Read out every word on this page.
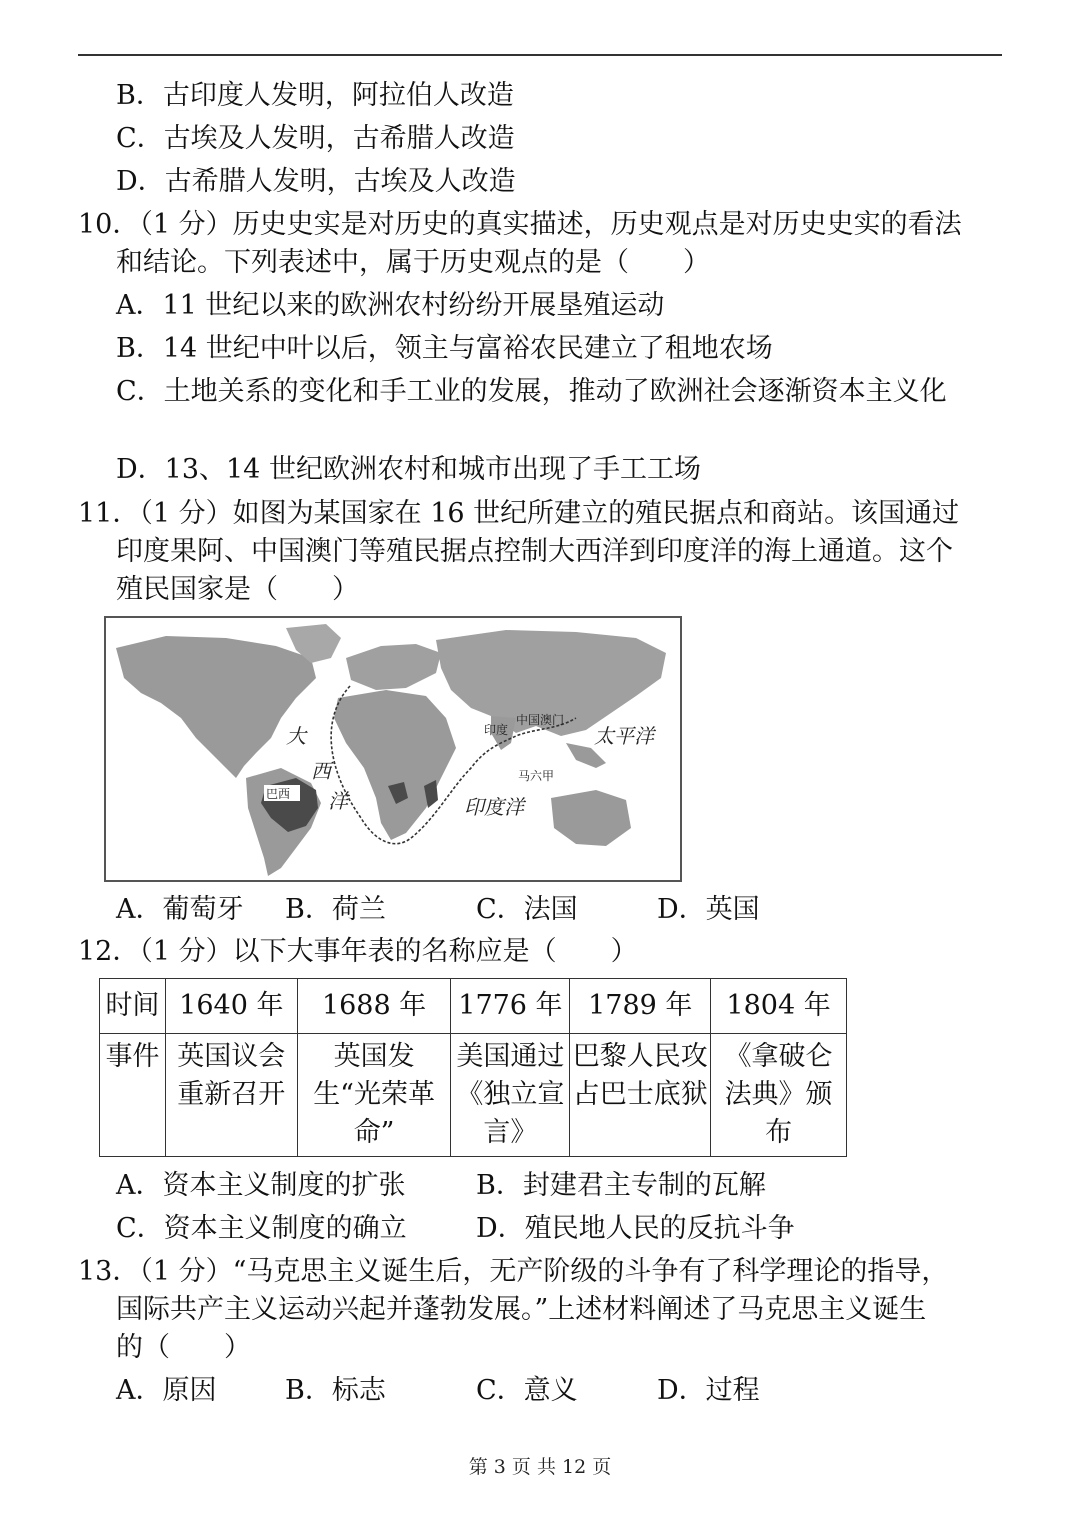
B．古印度人发明，阿拉伯人改造
C．古埃及人发明，古希腊人改造
D．古希腊人发明，古埃及人改造
10．（1 分）历史史实是对历史的真实描述，历史观点是对历史史实的看法
和结论。下列表述中，属于历史观点的是（　　）
A．11 世纪以来的欧洲农村纷纷开展垦殖运动
B．14 世纪中叶以后，领主与富裕农民建立了租地农场
C．土地关系的变化和手工业的发展，推动了欧洲社会逐渐资本主义化
D．13、14 世纪欧洲农村和城市出现了手工工场
11．（1 分）如图为某国家在 16 世纪所建立的殖民据点和商站。该国通过
印度果阿、中国澳门等殖民据点控制大西洋到印度洋的海上通道。这个
殖民国家是（　　）
大
西
洋
巴西
印度
中国澳门
马六甲
太平洋
印度洋
A．葡萄牙 B．荷兰	C．法国	D．英国
12．（1 分）以下大事年表的名称应是（　　）
时间	1640 年	1688 年	1776 年	1789 年	1804 年
事件	英国议会重新召开	英国发生“光荣革命”	美国通过《独立宣言》	巴黎人民攻占巴士底狱	《拿破仑法典》颁布
A．资本主义制度的扩张	B．封建君主专制的瓦解
C．资本主义制度的确立	D．殖民地人民的反抗斗争
13．（1 分）“马克思主义诞生后，无产阶级的斗争有了科学理论的指导，
国际共产主义运动兴起并蓬勃发展。”上述材料阐述了马克思主义诞生
的（　　）
A．原因	B．标志	C．意义	D．过程
第 3 页 共 12 页
